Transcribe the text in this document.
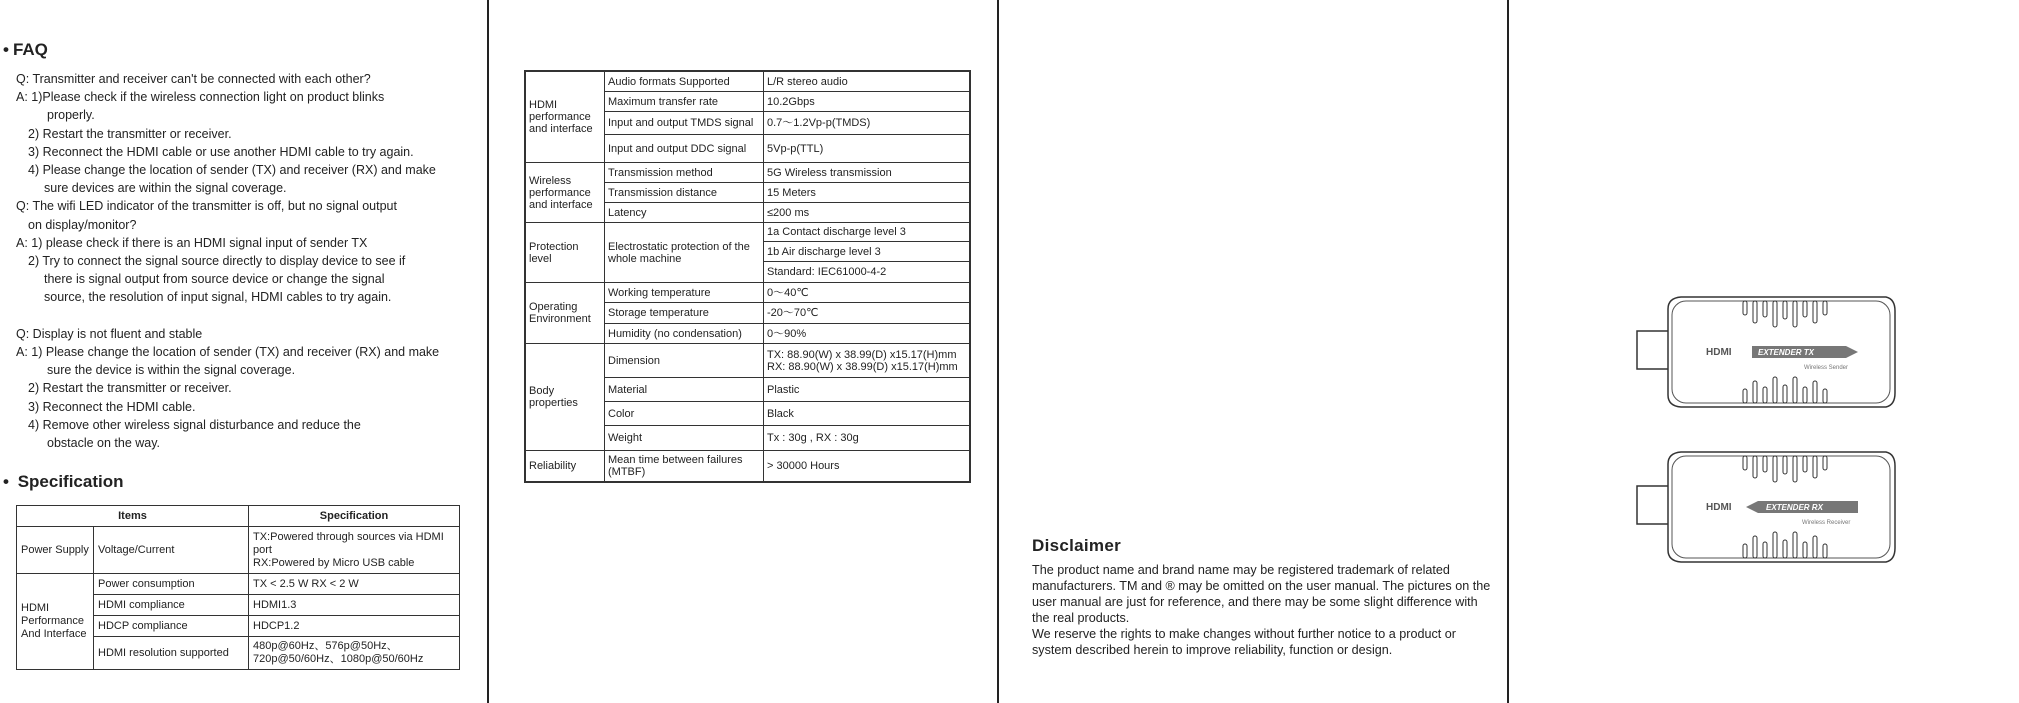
• FAQ
Q: Transmitter and receiver can't be connected with each other?
A: 1)Please check if the wireless connection light on product blinks
properly.
2) Restart the transmitter or receiver.
3) Reconnect the HDMI cable or use another HDMI cable to try again.
4) Please change the location of sender (TX) and receiver (RX) and make
sure devices are within the signal coverage.
Q: The wifi LED indicator of the transmitter is off, but no signal output
on display/monitor?
A: 1) please check if there is an HDMI signal input of sender TX
2) Try to connect the signal source directly to display device to see if
there is signal output from source device or change the signal
source, the resolution of input signal, HDMI cables to try again.
Q: Display is not fluent and stable
A: 1) Please change the location of sender (TX) and receiver (RX) and make
sure the device is within the signal coverage.
2) Restart the transmitter or receiver.
3) Reconnect the HDMI cable.
4) Remove other wireless signal disturbance and reduce the
obstacle on the way.
• Specification
Items		Specification
Power Supply	Voltage/Current	TX:Powered through sources via HDMI port
RX:Powered by Micro USB cable

HDMI Performance And Interface	Power consumption	TX < 2.5 W RX < 2 W
	HDMI compliance	HDMI1.3
	HDCP compliance	HDCP1.2
	HDMI resolution supported	480p@60Hz、576p@50Hz、
720p@50/60Hz、1080p@50/60Hz
HDMI performance and interface	Audio formats Supported	L/R stereo audio
	Maximum transfer rate	10.2Gbps
	Input and output TMDS signal	0.7～1.2Vp-p(TMDS)
	Input and output DDC signal	5Vp-p(TTL)
Wireless performance and interface	Transmission method	5G Wireless transmission
	Transmission distance	15 Meters
	Latency	≤200 ms
Protection level	Electrostatic protection of the whole machine	1a Contact discharge level 3
		1b Air discharge level 3
		Standard: IEC61000-4-2
Operating Environment	Working temperature	0～40℃
	Storage temperature	-20～70℃
	Humidity (no condensation)	0～90%
Body properties	Dimension	TX: 88.90(W) x 38.99(D) x15.17(H)mm
RX: 88.90(W) x 38.99(D) x15.17(H)mm

	Material	Plastic
	Color	Black
	Weight	Tx : 30g , RX : 30g
Reliability	Mean time between failures (MTBF)	> 30000 Hours
Disclaimer

The product name and brand name may be registered trademark of related manufacturers. TM and ® may be omitted on the user manual. The pictures on the user manual are just for reference, and there may be some slight difference with the real products.

We reserve the rights to make changes without further notice to a product or system described herein to improve reliability, function or design.

HDMI	EXTENDER TX
Wireless Sender
HDMI	EXTENDER RX
Wireless Receiver
